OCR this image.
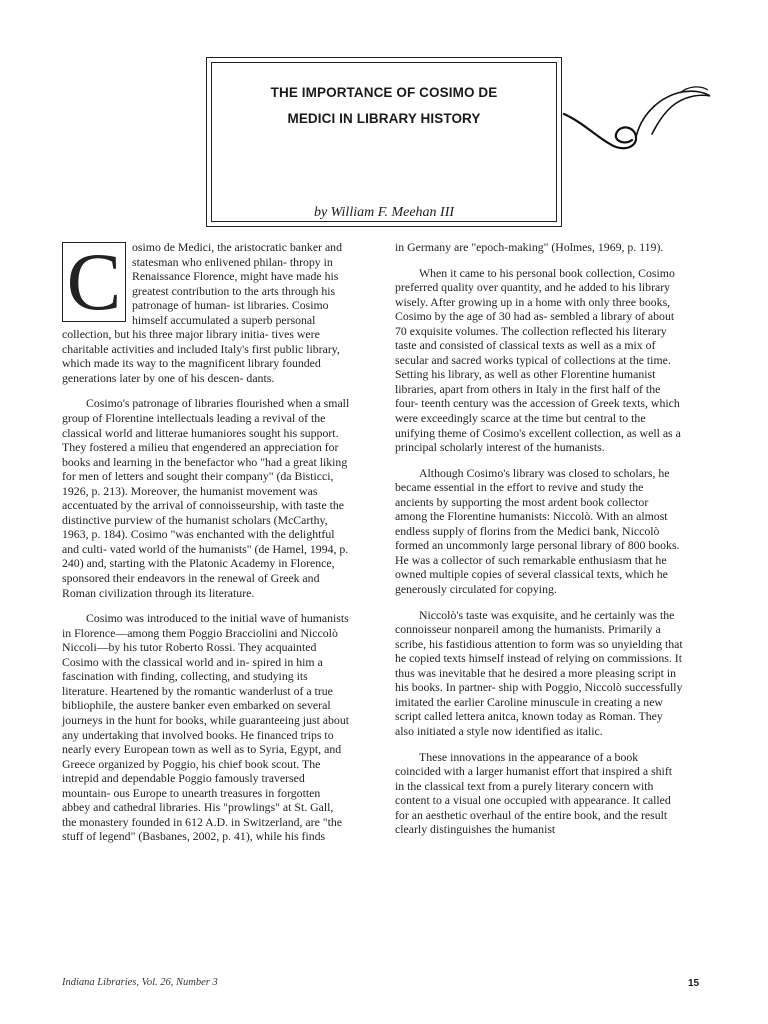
THE IMPORTANCE OF COSIMO DE
MEDICI IN LIBRARY HISTORY
by William F. Meehan III
C osimo de Medici, the aristocratic banker and statesman who enlivened philan- thropy in Renaissance Florence, might have made his greatest contribution to the arts through his patronage of human- ist libraries. Cosimo himself accumulated a superb personal collection, but his three major library initia- tives were charitable activities and included Italy's first public library, which made its way to the magnificent library founded generations later by one of his descen- dants.

Cosimo's patronage of libraries flourished when a small group of Florentine intellectuals leading a revival of the classical world and litterae humaniores sought his support. They fostered a milieu that engendered an appreciation for books and learning in the benefactor who "had a great liking for men of letters and sought their company" (da Bisticci, 1926, p. 213). Moreover, the humanist movement was accentuated by the arrival of connoisseurship, with taste the distinctive purview of the humanist scholars (McCarthy, 1963, p. 184). Cosimo "was enchanted with the delightful and culti- vated world of the humanists" (de Hamel, 1994, p. 240) and, starting with the Platonic Academy in Florence, sponsored their endeavors in the renewal of Greek and Roman civilization through its literature.

Cosimo was introduced to the initial wave of humanists in Florence—among them Poggio Bracciolini and Niccolò Niccoli—by his tutor Roberto Rossi. They acquainted Cosimo with the classical world and in- spired in him a fascination with finding, collecting, and studying its literature. Heartened by the romantic wanderlust of a true bibliophile, the austere banker even embarked on several journeys in the hunt for books, while guaranteeing just about any undertaking that involved books. He financed trips to nearly every European town as well as to Syria, Egypt, and Greece organized by Poggio, his chief book scout. The intrepid and dependable Poggio famously traversed mountain- ous Europe to unearth treasures in forgotten abbey and cathedral libraries. His "prowlings" at St. Gall, the monastery founded in 612 A.D. in Switzerland, are "the stuff of legend" (Basbanes, 2002, p. 41), while his finds

in Germany are "epoch-making" (Holmes, 1969, p. 119).

When it came to his personal book collection, Cosimo preferred quality over quantity, and he added to his library wisely. After growing up in a home with only three books, Cosimo by the age of 30 had as- sembled a library of about 70 exquisite volumes. The collection reflected his literary taste and consisted of classical texts as well as a mix of secular and sacred works typical of collections at the time. Setting his library, as well as other Florentine humanist libraries, apart from others in Italy in the first half of the four- teenth century was the accession of Greek texts, which were exceedingly scarce at the time but central to the unifying theme of Cosimo's excellent collection, as well as a principal scholarly interest of the humanists.

Although Cosimo's library was closed to scholars, he became essential in the effort to revive and study the ancients by supporting the most ardent book collector among the Florentine humanists: Niccolò. With an almost endless supply of florins from the Medici bank, Niccolò formed an uncommonly large personal library of 800 books. He was a collector of such remarkable enthusiasm that he owned multiple copies of several classical texts, which he generously circulated for copying.

Niccolò's taste was exquisite, and he certainly was the connoisseur nonpareil among the humanists. Primarily a scribe, his fastidious attention to form was so unyielding that he copied texts himself instead of relying on commissions. It thus was inevitable that he desired a more pleasing script in his books. In partner- ship with Poggio, Niccolò successfully imitated the earlier Caroline minuscule in creating a new script called lettera anitca, known today as Roman. They also initiated a style now identified as italic.

These innovations in the appearance of a book coincided with a larger humanist effort that inspired a shift in the classical text from a purely literary concern with content to a visual one occupied with appearance. It called for an aesthetic overhaul of the entire book, and the result clearly distinguishes the humanist

Indiana Libraries, Vol. 26, Number 3	15
